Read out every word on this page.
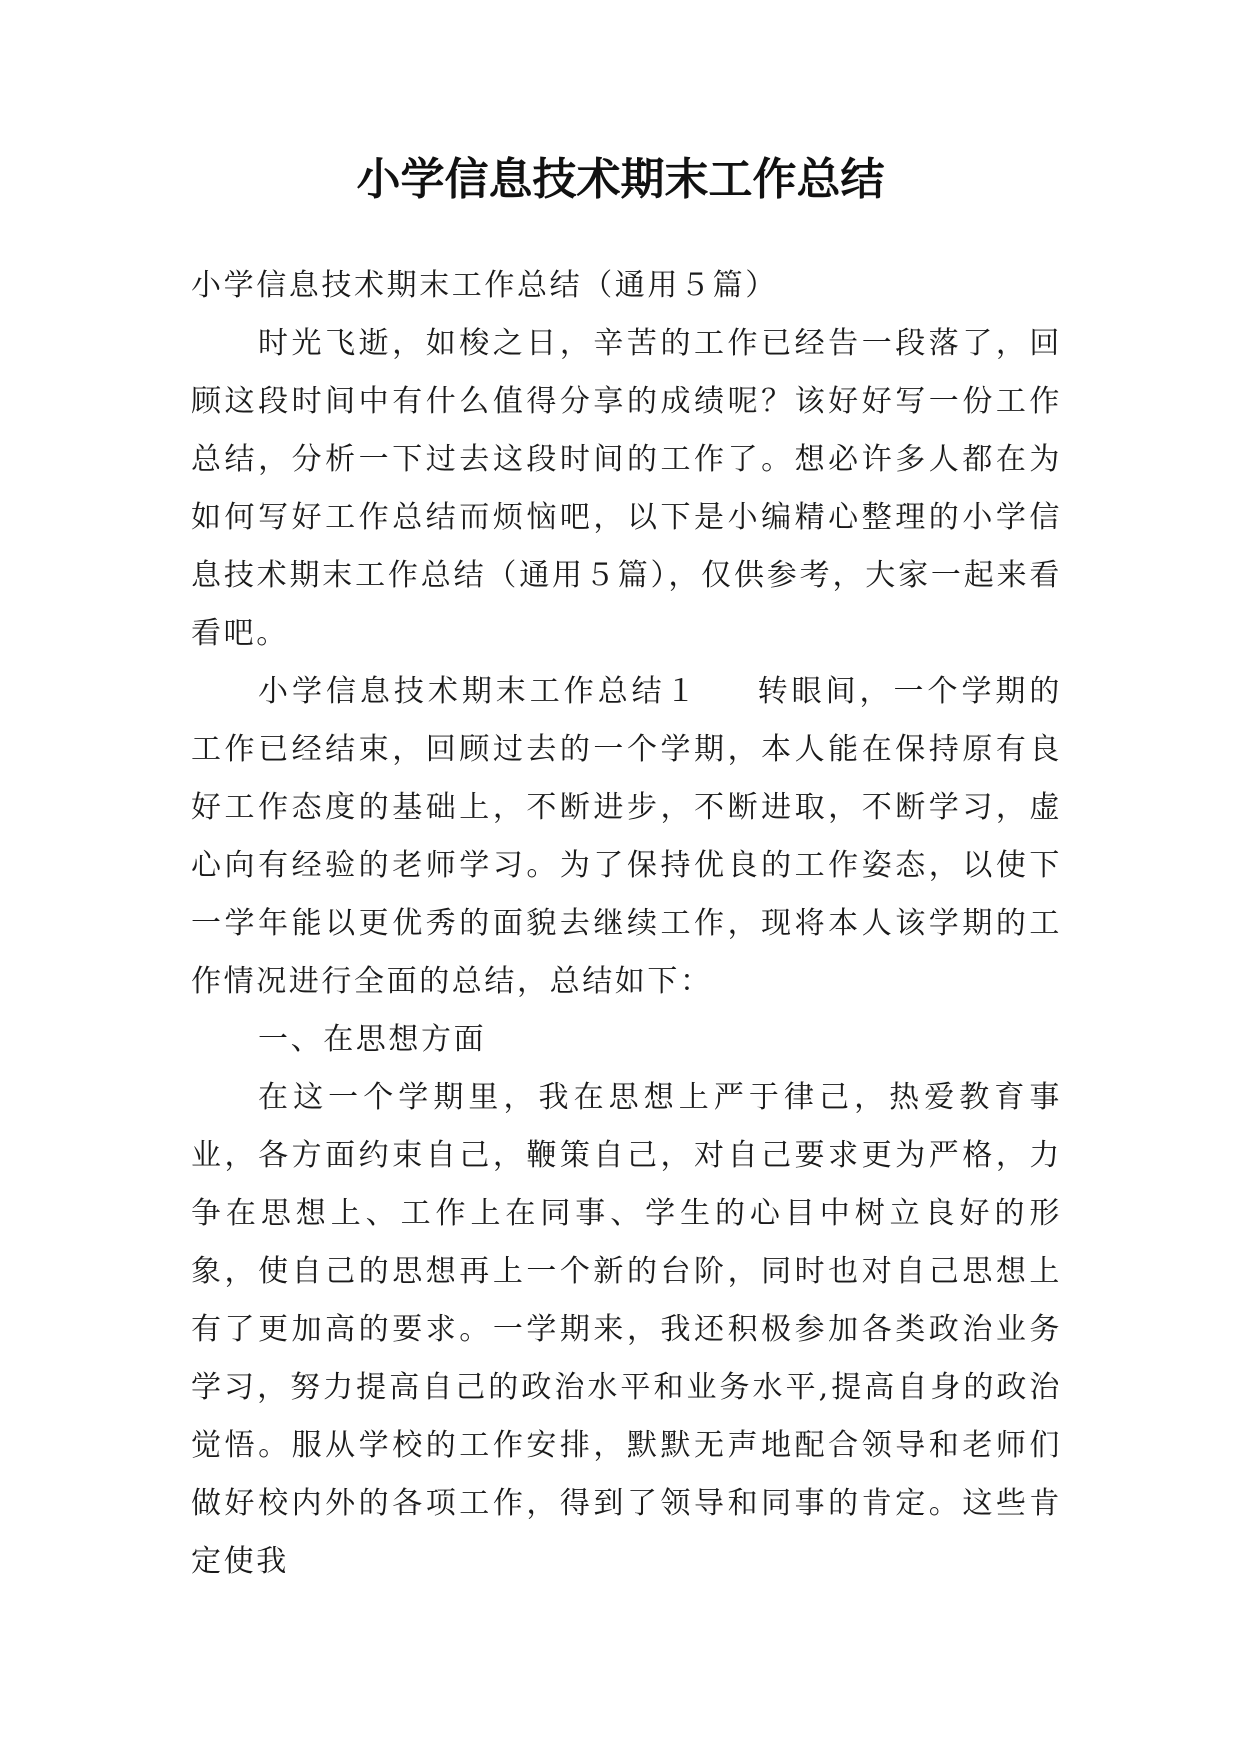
小学信息技术期末工作总结

小学信息技术期末工作总结（通用５篇）

时光飞逝，如梭之日，辛苦的工作已经告一段落了，回顾这段时间中有什么值得分享的成绩呢？该好好写一份工作总结，分析一下过去这段时间的工作了。想必许多人都在为如何写好工作总结而烦恼吧，以下是小编精心整理的小学信息技术期末工作总结（通用５篇），仅供参考，大家一起来看看吧。

小学信息技术期末工作总结１ 转眼间，一个学期的工作已经结束，回顾过去的一个学期，本人能在保持原有良好工作态度的基础上，不断进步，不断进取，不断学习，虚心向有经验的老师学习。为了保持优良的工作姿态，以使下一学年能以更优秀的面貌去继续工作，现将本人该学期的工作情况进行全面的总结，总结如下：

一、在思想方面

在这一个学期里，我在思想上严于律己，热爱教育事业，各方面约束自己，鞭策自己，对自己要求更为严格，力争在思想上、工作上在同事、学生的心目中树立良好的形象，使自己的思想再上一个新的台阶，同时也对自己思想上有了更加高的要求。一学期来，我还积极参加各类政治业务学习，努力提高自己的政治水平和业务水平,提高自身的政治觉悟。服从学校的工作安排，默默无声地配合领导和老师们做好校内外的各项工作，得到了领导和同事的肯定。这些肯定使我
